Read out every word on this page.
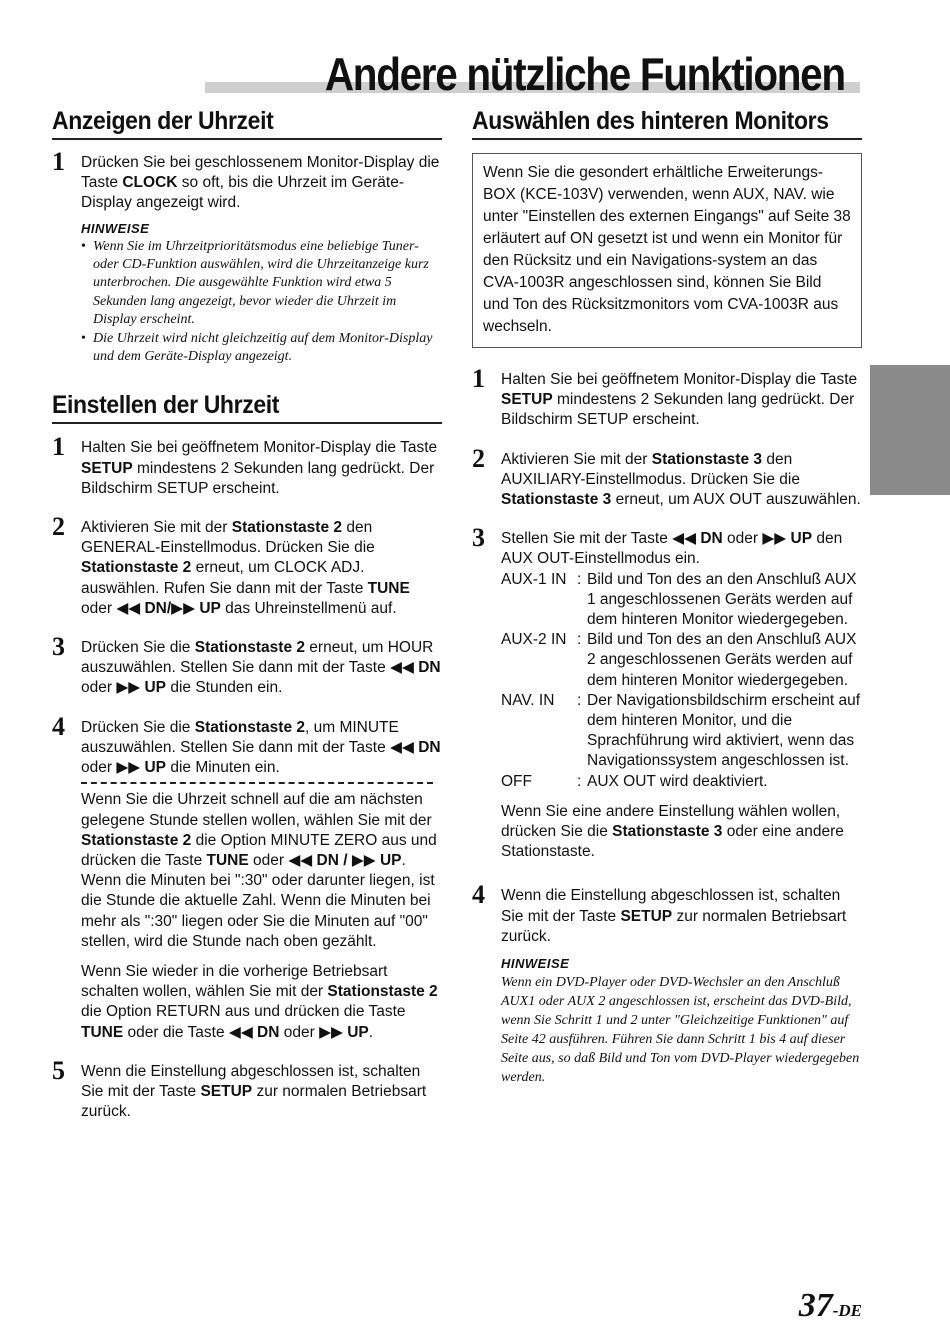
Andere nützliche Funktionen
Anzeigen der Uhrzeit
1 Drücken Sie bei geschlossenem Monitor-Display die Taste CLOCK so oft, bis die Uhrzeit im Geräte-Display angezeigt wird.

HINWEISE
• Wenn Sie im Uhrzeitprioritätsmodus eine beliebige Tuner- oder CD-Funktion auswählen, wird die Uhrzeitanzeige kurz unterbrochen. Die ausgewählte Funktion wird etwa 5 Sekunden lang angezeigt, bevor wieder die Uhrzeit im Display erscheint.
• Die Uhrzeit wird nicht gleichzeitig auf dem Monitor-Display und dem Geräte-Display angezeigt.
Einstellen der Uhrzeit
1 Halten Sie bei geöffnetem Monitor-Display die Taste SETUP mindestens 2 Sekunden lang gedrückt. Der Bildschirm SETUP erscheint.

2 Aktivieren Sie mit der Stationstaste 2 den GENERAL-Einstellmodus. Drücken Sie die Stationstaste 2 erneut, um CLOCK ADJ. auswählen. Rufen Sie dann mit der Taste TUNE oder ◀◀ DN/▶▶ UP das Uhreinstellmenü auf.

3 Drücken Sie die Stationstaste 2 erneut, um HOUR auszuwählen. Stellen Sie dann mit der Taste ◀◀ DN oder ▶▶ UP die Stunden ein.

4 Drücken Sie die Stationstaste 2, um MINUTE auszuwählen. Stellen Sie dann mit der Taste ◀◀ DN oder ▶▶ UP die Minuten ein.

Wenn Sie die Uhrzeit schnell auf die am nächsten gelegene Stunde stellen wollen, wählen Sie mit der Stationstaste 2 die Option MINUTE ZERO aus und drücken die Taste TUNE oder ◀◀ DN / ▶▶ UP.

Wenn die Minuten bei ":30" oder darunter liegen, ist die Stunde die aktuelle Zahl. Wenn die Minuten bei mehr als ":30" liegen oder Sie die Minuten auf "00" stellen, wird die Stunde nach oben gezählt.

Wenn Sie wieder in die vorherige Betriebsart schalten wollen, wählen Sie mit der Stationstaste 2 die Option RETURN aus und drücken die Taste TUNE oder die Taste ◀◀ DN oder ▶▶ UP.

5 Wenn die Einstellung abgeschlossen ist, schalten Sie mit der Taste SETUP zur normalen Betriebsart zurück.

Auswählen des hinteren Monitors
Wenn Sie die gesondert erhältliche Erweiterungs-BOX (KCE-103V) verwenden, wenn AUX, NAV. wie unter "Einstellen des externen Eingangs" auf Seite 38 erläutert auf ON gesetzt ist und wenn ein Monitor für den Rücksitz und ein Navigations-system an das CVA-1003R angeschlossen sind, können Sie Bild und Ton des Rücksitzmonitors vom CVA-1003R aus wechseln.
1 Halten Sie bei geöffnetem Monitor-Display die Taste SETUP mindestens 2 Sekunden lang gedrückt. Der Bildschirm SETUP erscheint.

2 Aktivieren Sie mit der Stationstaste 3 den AUXILIARY-Einstellmodus. Drücken Sie die Stationstaste 3 erneut, um AUX OUT auszuwählen.

3 Stellen Sie mit der Taste ◀◀ DN oder ▶▶ UP den AUX OUT-Einstellmodus ein.

AUX-1 IN : Bild und Ton des an den Anschluß AUX 1 angeschlossenen Geräts werden auf dem hinteren Monitor wiedergegeben.
AUX-2 IN : Bild und Ton des an den Anschluß AUX 2 angeschlossenen Geräts werden auf dem hinteren Monitor wiedergegeben.
NAV. IN	: Der Navigationsbildschirm erscheint auf dem hinteren Monitor, und die Sprachführung wird aktiviert, wenn das Navigationssystem angeschlossen ist.
OFF	: AUX OUT wird deaktiviert.

Wenn Sie eine andere Einstellung wählen wollen, drücken Sie die Stationstaste 3 oder eine andere Stationstaste.

4 Wenn die Einstellung abgeschlossen ist, schalten Sie mit der Taste SETUP zur normalen Betriebsart zurück.

HINWEISE

Wenn ein DVD-Player oder DVD-Wechsler an den Anschluß AUX1 oder AUX 2 angeschlossen ist, erscheint das DVD-Bild, wenn Sie Schritt 1 und 2 unter "Gleichzeitige Funktionen" auf Seite 42 ausführen. Führen Sie dann Schritt 1 bis 4 auf dieser Seite aus, so daß Bild und Ton vom DVD-Player wiedergegeben werden.

37-DE
